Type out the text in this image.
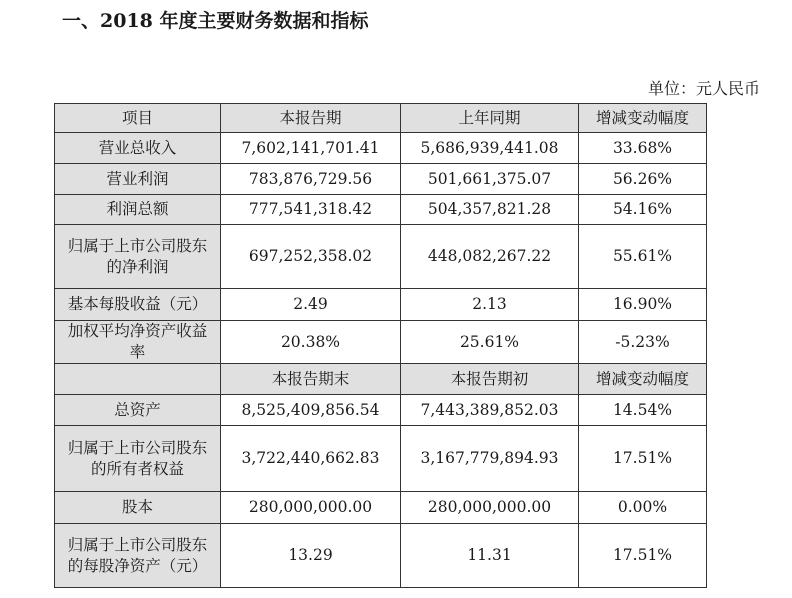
一、2018 年度主要财务数据和指标
单位：元人民币
项目	本报告期	上年同期	增减变动幅度
营业总收入	7,602,141,701.41	5,686,939,441.08	33.68%
营业利润	783,876,729.56	501,661,375.07	56.26%
利润总额	777,541,318.42	504,357,821.28	54.16%
归属于上市公司股东的净利润	697,252,358.02	448,082,267.22	55.61%
基本每股收益（元）	2.49	2.13	16.90%
加权平均净资产收益率	20.38%	25.61%	-5.23%
	本报告期末	本报告期初	增减变动幅度
总资产	8,525,409,856.54	7,443,389,852.03	14.54%
归属于上市公司股东的所有者权益	3,722,440,662.83	3,167,779,894.93	17.51%
股本	280,000,000.00	280,000,000.00	0.00%
归属于上市公司股东的每股净资产（元）	13.29	11.31	17.51%
